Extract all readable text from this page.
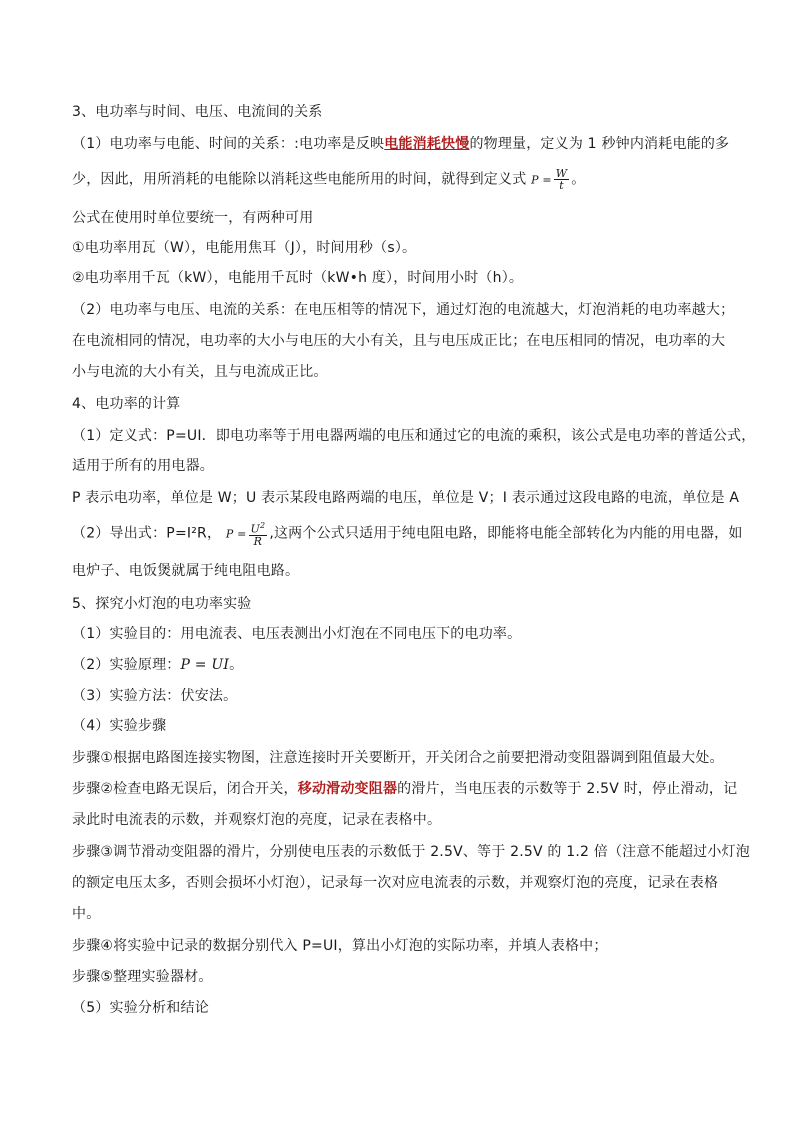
3、电功率与时间、电压、电流间的关系
（1）电功率与电能、时间的关系：:电功率是反映电能消耗快慢的物理量，定义为 1 秒钟内消耗电能的多
少，因此，用所消耗的电能除以消耗这些电能所用的时间，就得到定义式 $P = \frac{W}{t}$ 。
公式在使用时单位要统一，有两种可用
①电功率用瓦（W），电能用焦耳（J），时间用秒（s）。
②电功率用千瓦（kW），电能用千瓦时（kW•h 度），时间用小时（h）。
（2）电功率与电压、电流的关系：在电压相等的情况下，通过灯泡的电流越大，灯泡消耗的电功率越大；
在电流相同的情况，电功率的大小与电压的大小有关，且与电压成正比；在电压相同的情况，电功率的大
小与电流的大小有关，且与电流成正比。
4、电功率的计算
（1）定义式：P=UI．即电功率等于用电器两端的电压和通过它的电流的乘积，该公式是电功率的普适公式，
适用于所有的用电器。
P 表示电功率，单位是 W；U 表示某段电路两端的电压，单位是 V；I 表示通过这段电路的电流，单位是 A
（2）导出式：P=I²R， $P = \frac{U^2}{R}$ ,这两个公式只适用于纯电阻电路，即能将电能全部转化为内能的用电器，如
电炉子、电饭煲就属于纯电阻电路。
5、探究小灯泡的电功率实验
（1）实验目的：用电流表、电压表测出小灯泡在不同电压下的电功率。
（2）实验原理：P = UI。
（3）实验方法：伏安法。
（4）实验步骤
步骤①根据电路图连接实物图，注意连接时开关要断开，开关闭合之前要把滑动变阻器调到阻值最大处。
步骤②检查电路无误后，闭合开关，移动滑动变阻器的滑片，当电压表的示数等于 2.5V 时，停止滑动，记
录此时电流表的示数，并观察灯泡的亮度，记录在表格中。
步骤③调节滑动变阻器的滑片，分别使电压表的示数低于 2.5V、等于 2.5V 的 1.2 倍（注意不能超过小灯泡
的额定电压太多，否则会损坏小灯泡），记录每一次对应电流表的示数，并观察灯泡的亮度，记录在表格
中。
步骤④将实验中记录的数据分别代入 P=UI，算出小灯泡的实际功率，并填人表格中；
步骤⑤整理实验器材。
（5）实验分析和结论
